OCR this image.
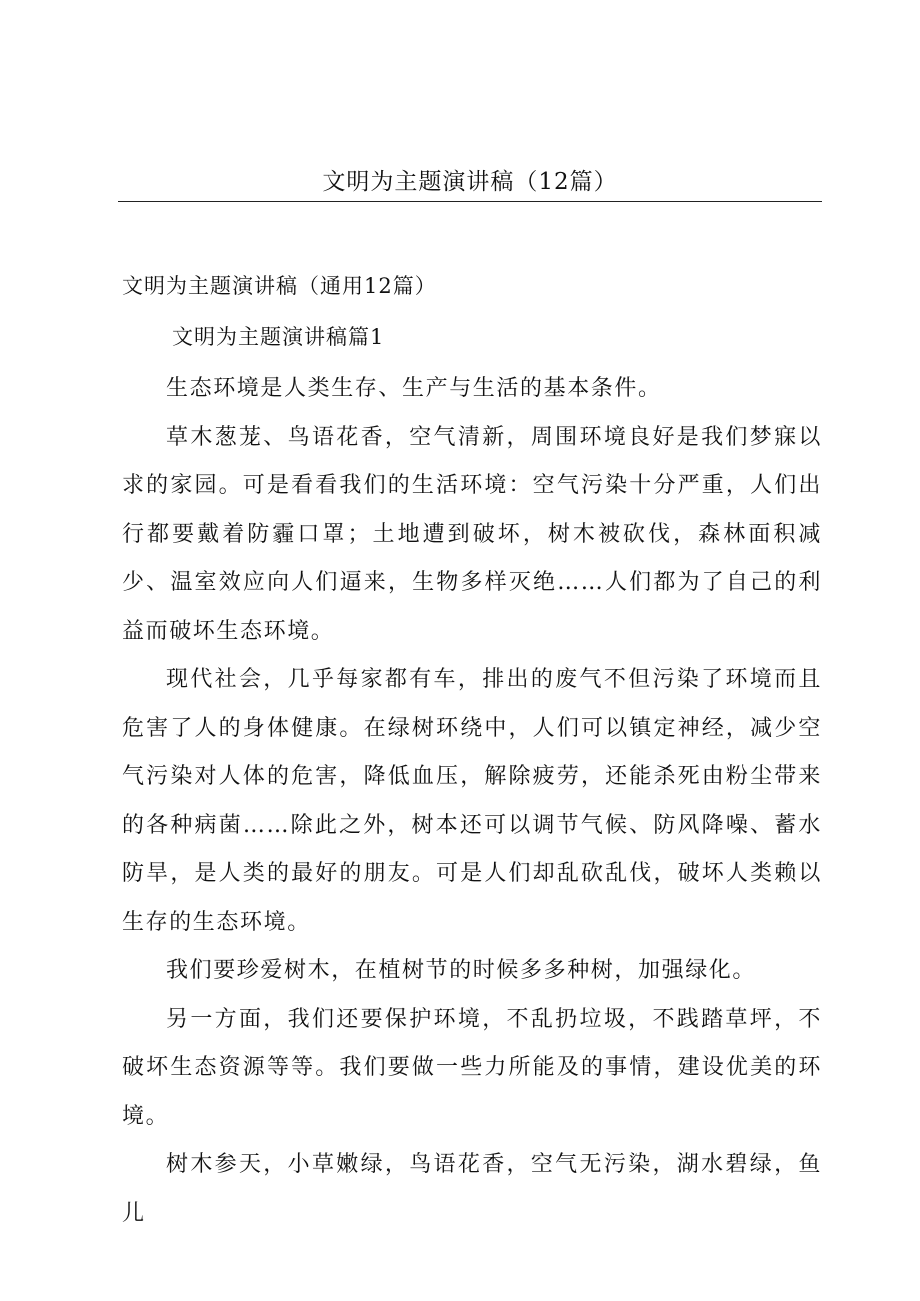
文明为主题演讲稿（12篇）
文明为主题演讲稿（通用12篇）
文明为主题演讲稿篇1

生态环境是人类生存、生产与生活的基本条件。

草木葱茏、鸟语花香，空气清新，周围环境良好是我们梦寐以求的家园。可是看看我们的生活环境：空气污染十分严重，人们出行都要戴着防霾口罩；土地遭到破坏，树木被砍伐，森林面积减少、温室效应向人们逼来，生物多样灭绝……人们都为了自己的利益而破坏生态环境。

现代社会，几乎每家都有车，排出的废气不但污染了环境而且危害了人的身体健康。在绿树环绕中，人们可以镇定神经，减少空气污染对人体的危害，降低血压，解除疲劳，还能杀死由粉尘带来的各种病菌……除此之外，树本还可以调节气候、防风降噪、蓄水防旱，是人类的最好的朋友。可是人们却乱砍乱伐，破坏人类赖以生存的生态环境。

我们要珍爱树木，在植树节的时候多多种树，加强绿化。

另一方面，我们还要保护环境，不乱扔垃圾，不践踏草坪，不破坏生态资源等等。我们要做一些力所能及的事情，建设优美的环境。

树木参天，小草嫩绿，鸟语花香，空气无污染，湖水碧绿，鱼儿
